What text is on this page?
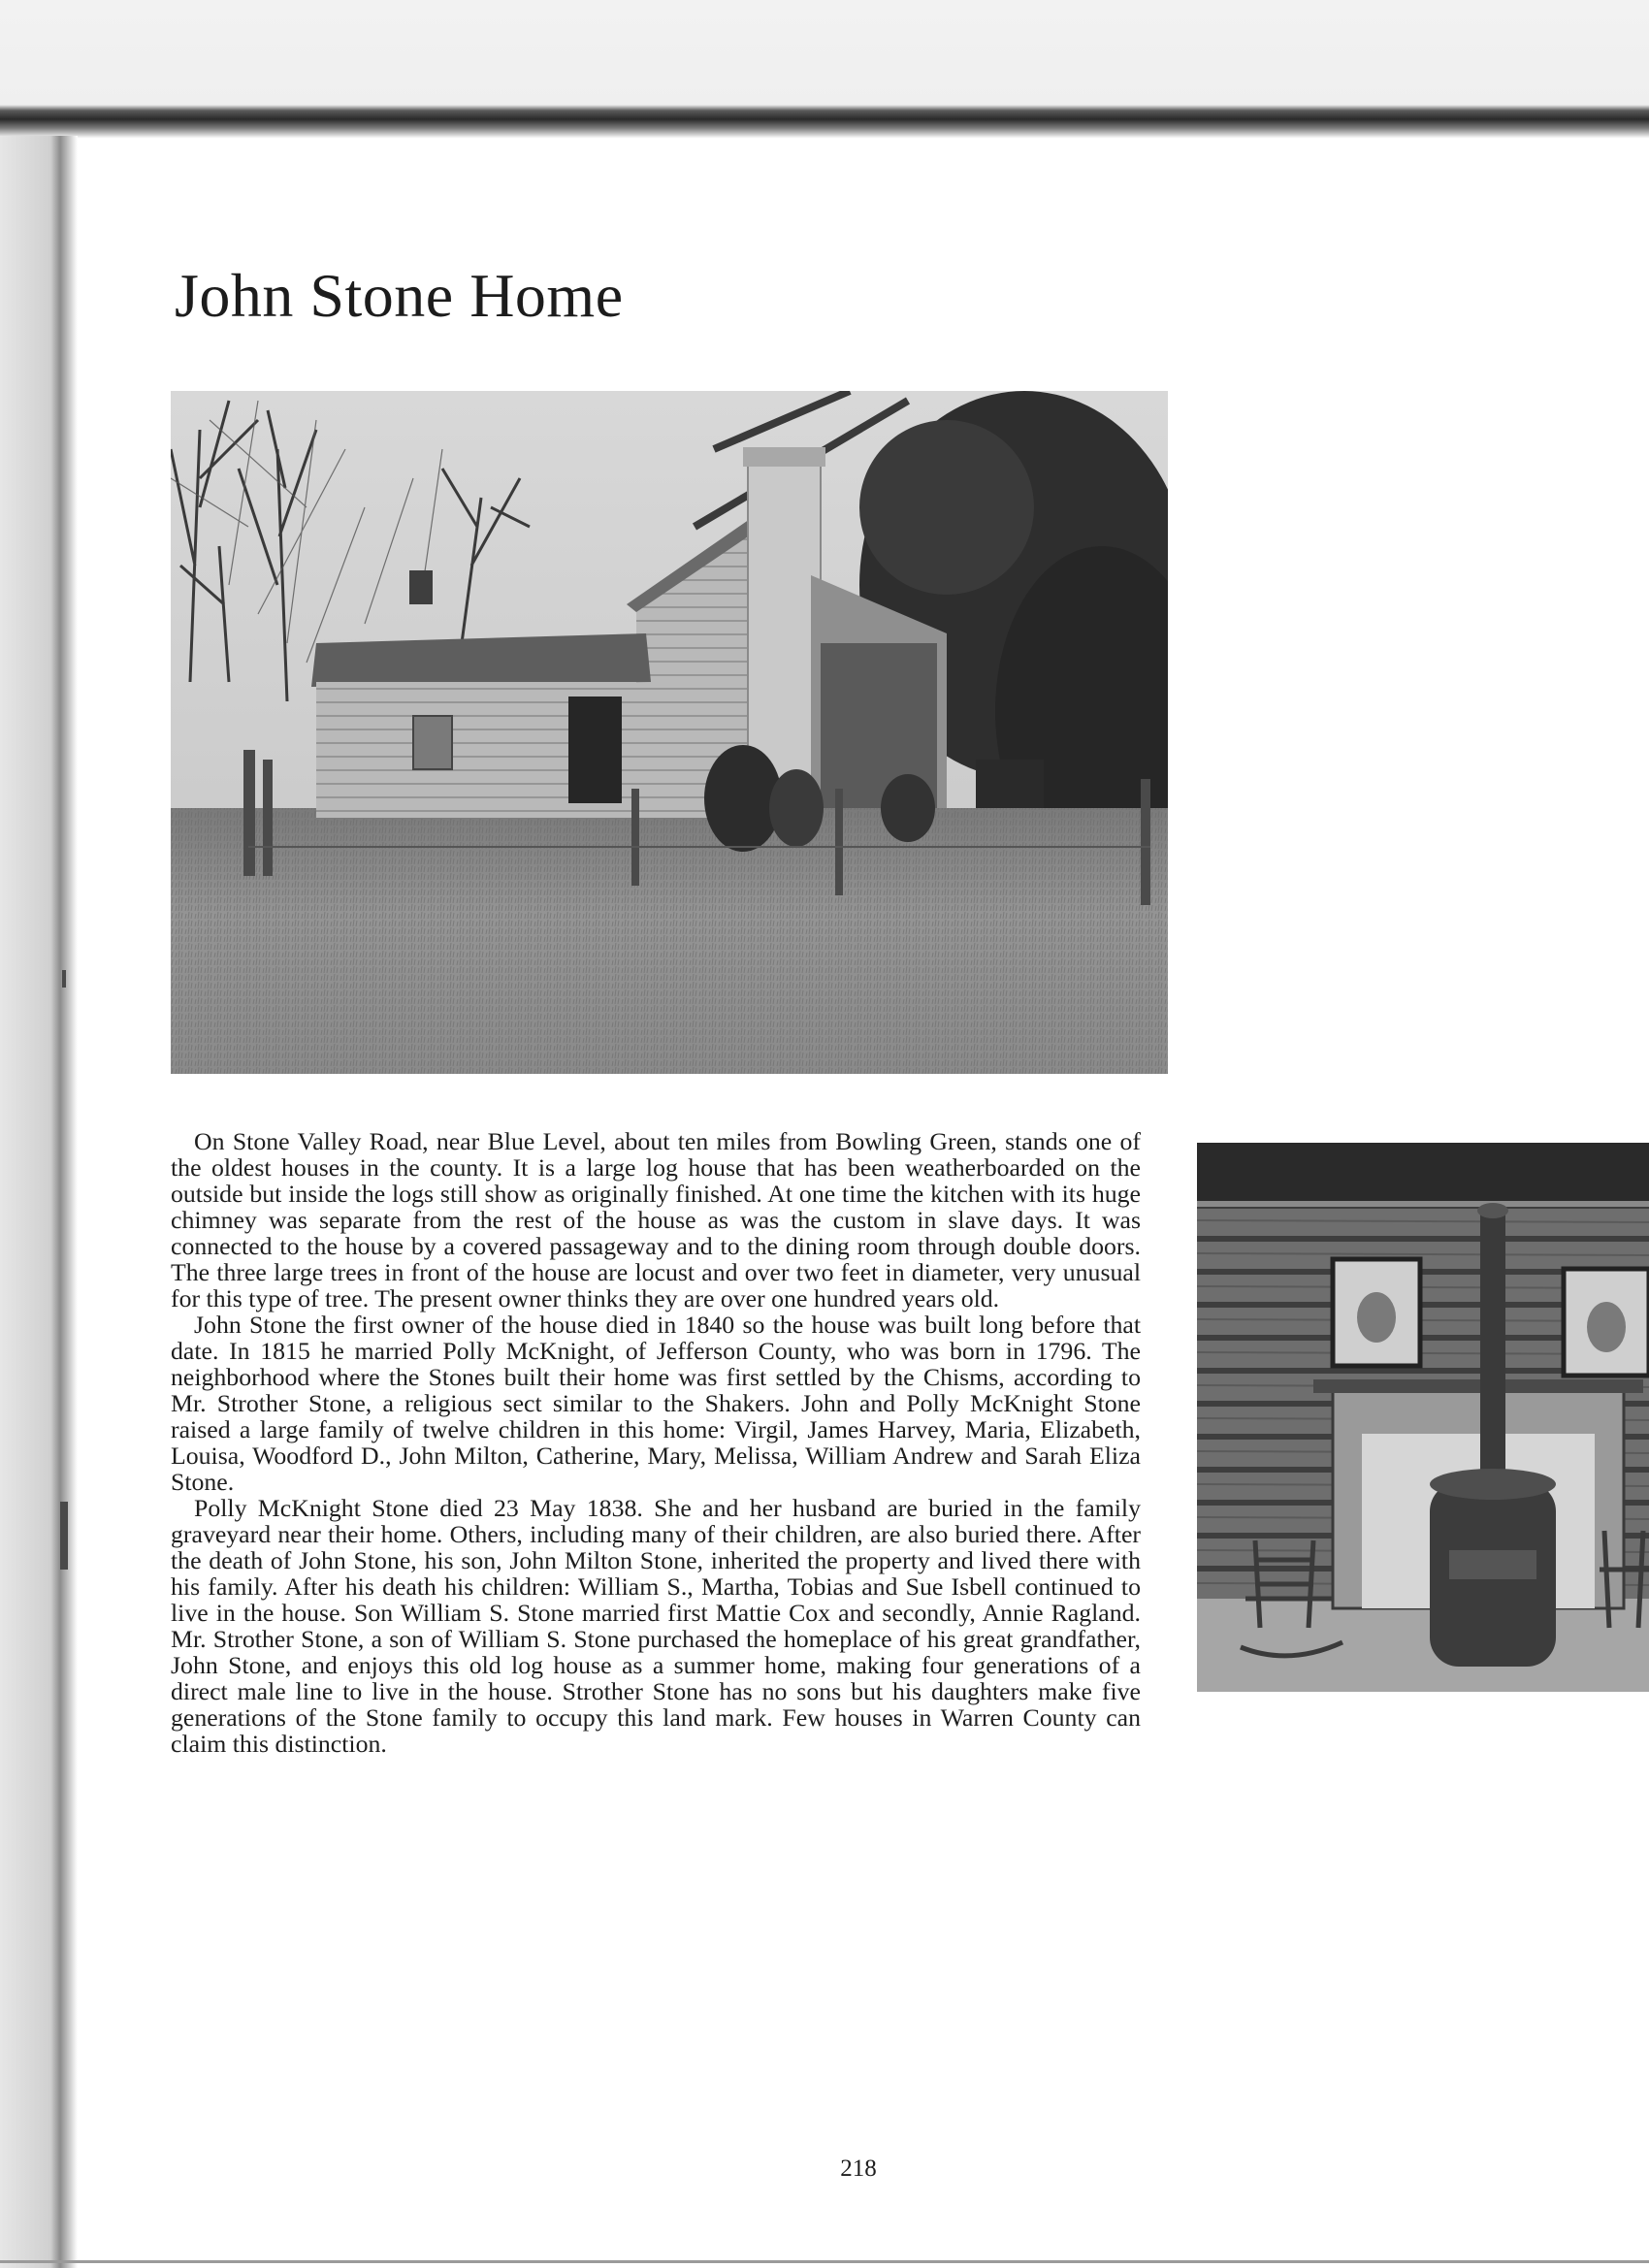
John Stone Home

On Stone Valley Road, near Blue Level, about ten miles from Bowling Green, stands one of the oldest houses in the county. It is a large log house that has been weatherboarded on the outside but inside the logs still show as originally finished. At one time the kitchen with its huge chimney was separate from the rest of the house as was the custom in slave days. It was connected to the house by a covered passageway and to the dining room through double doors. The three large trees in front of the house are locust and over two feet in diameter, very unusual for this type of tree. The present owner thinks they are over one hundred years old.

John Stone the first owner of the house died in 1840 so the house was built long before that date. In 1815 he married Polly McKnight, of Jefferson County, who was born in 1796. The neighborhood where the Stones built their home was first settled by the Chisms, according to Mr. Strother Stone, a religious sect similar to the Shakers. John and Polly McKnight Stone raised a large family of twelve children in this home: Virgil, James Harvey, Maria, Elizabeth, Louisa, Woodford D., John Milton, Catherine, Mary, Melissa, William Andrew and Sarah Eliza Stone.

Polly McKnight Stone died 23 May 1838. She and her husband are buried in the family graveyard near their home. Others, including many of their children, are also buried there. After the death of John Stone, his son, John Milton Stone, inherited the property and lived there with his family. After his death his children: William S., Martha, Tobias and Sue Isbell continued to live in the house. Son William S. Stone married first Mattie Cox and secondly, Annie Ragland. Mr. Strother Stone, a son of William S. Stone purchased the homeplace of his great grandfather, John Stone, and enjoys this old log house as a summer home, making four generations of a direct male line to live in the house. Strother Stone has no sons but his daughters make five generations of the Stone family to occupy this land mark. Few houses in Warren County can claim this distinction.

218
